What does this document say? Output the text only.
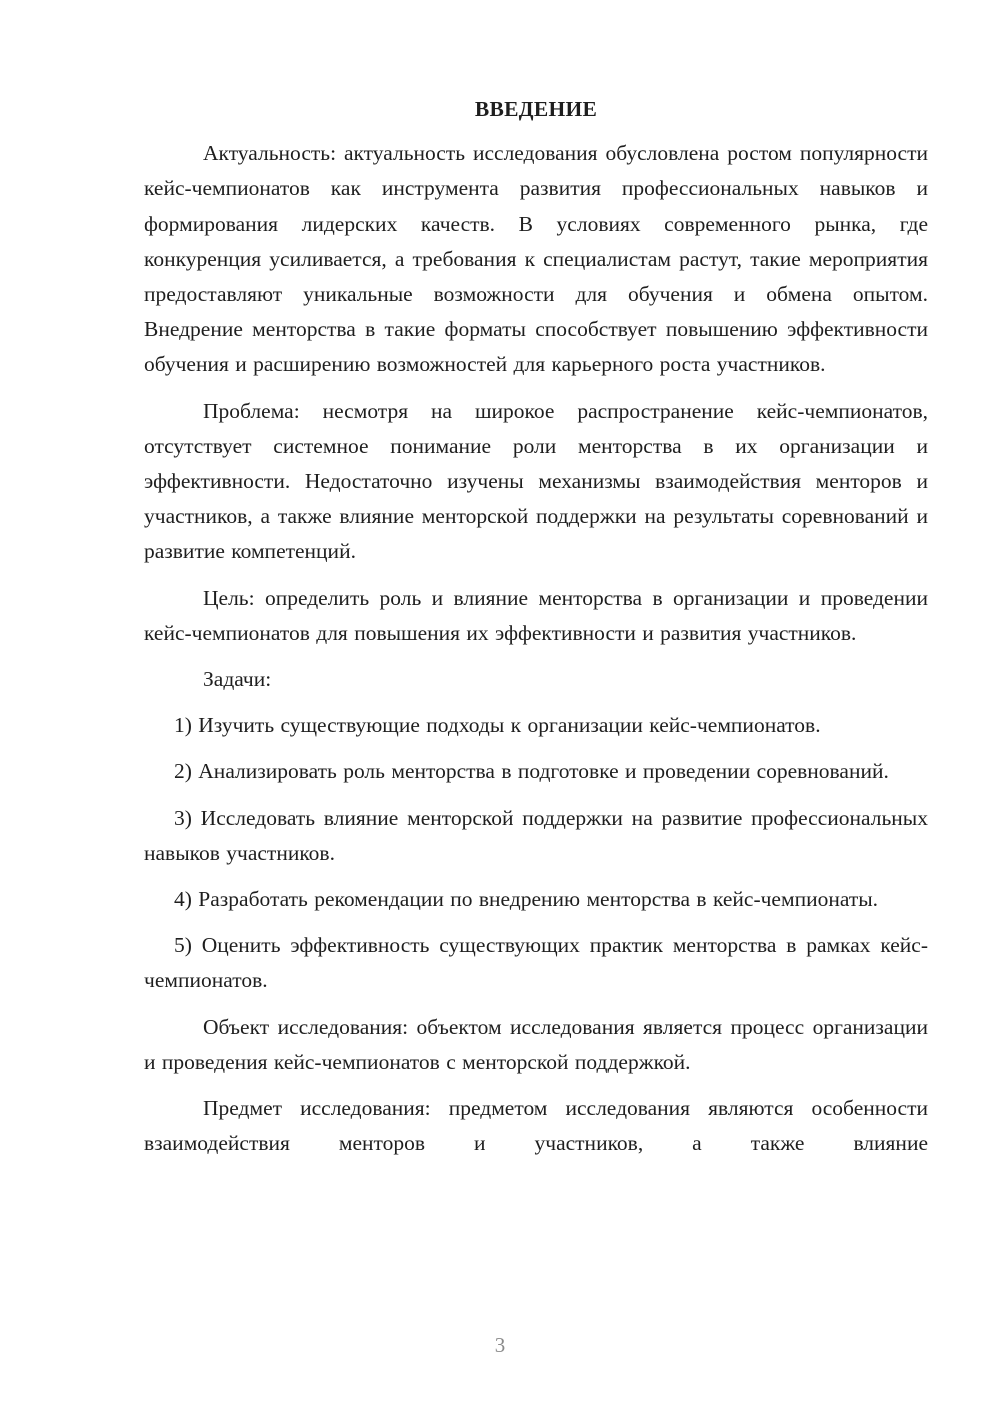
ВВЕДЕНИЕ

Актуальность: актуальность исследования обусловлена ростом популярности кейс-чемпионатов как инструмента развития профессиональных навыков и формирования лидерских качеств. В условиях современного рынка, где конкуренция усиливается, а требования к специалистам растут, такие мероприятия предоставляют уникальные возможности для обучения и обмена опытом. Внедрение менторства в такие форматы способствует повышению эффективности обучения и расширению возможностей для карьерного роста участников.

Проблема: несмотря на широкое распространение кейс-чемпионатов, отсутствует системное понимание роли менторства в их организации и эффективности. Недостаточно изучены механизмы взаимодействия менторов и участников, а также влияние менторской поддержки на результаты соревнований и развитие компетенций.

Цель: определить роль и влияние менторства в организации и проведении кейс-чемпионатов для повышения их эффективности и развития участников.

Задачи:

1) Изучить существующие подходы к организации кейс-чемпионатов.

2) Анализировать роль менторства в подготовке и проведении соревнований.

3) Исследовать влияние менторской поддержки на развитие профессиональных навыков участников.

4) Разработать рекомендации по внедрению менторства в кейс-чемпионаты.

5) Оценить эффективность существующих практик менторства в рамках кейс-чемпионатов.

Объект исследования: объектом исследования является процесс организации и проведения кейс-чемпионатов с менторской поддержкой.

Предмет исследования: предметом исследования являются особенности взаимодействия менторов и участников, а также влияние

3
